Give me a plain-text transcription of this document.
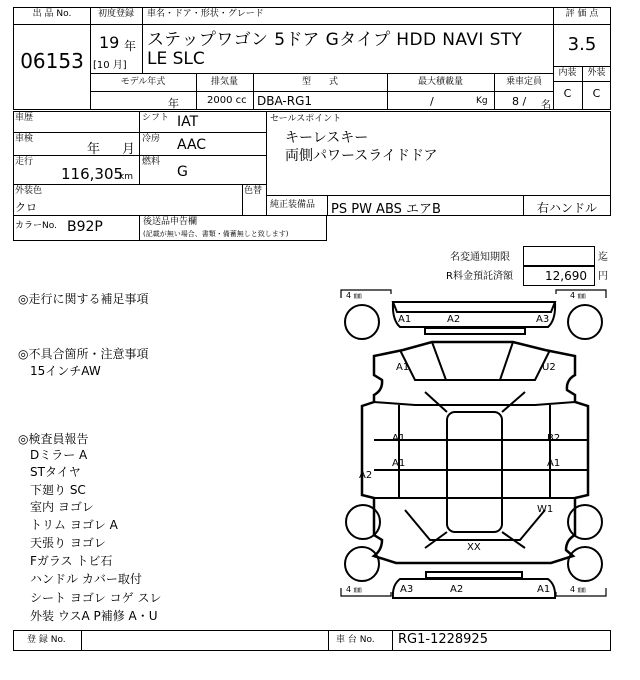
出 品 No.
06153
初度登録
19 年
[10 月]
車名・ドア・形状・グレード
ステップワゴン 5ドア Gタイプ HDD NAVI STY
LE SLC
モデル年式
年
排気量
2000 cc
型　　式
DBA-RG1
最大積載量
/	Kg
乗車定員
8 / 名
評 価 点
3.5
内装	外装
C	C
車歴	シフト IAT
車検
年 月
冷房 AAC
走行
116,305
km
燃料
G
セールスポイント
キーレスキー
両側パワースライドドア
外装色
クロ
色替
純正装備品 PS PW ABS エアB	右ハンドル
カラーNo. B92P	後送品申告欄
(記載が無い場合、書類・備蓄無しと致します)
名変通知期限	迄
R料金預託済額	12,690 円
◎走行に関する補足事項
◎不具合箇所・注意事項
15インチAW
◎検査員報告
Dミラー A
STタイヤ
下廻り SC
室内 ヨゴレ
トリム ヨゴレ A
天張り ヨゴレ
Fガラス トビ石
ハンドル カバー取付
シート ヨゴレ コゲ スレ
外装 ウスA P補修 A・U
4 ㎜	4 ㎜
4 ㎜	4 ㎜
A1	A2	A3
A1	U2
A1	B2
A1	A1
A2
W1
XX
A3	A2	A1
登 録 No.	車 台 No. RG1-1228925
